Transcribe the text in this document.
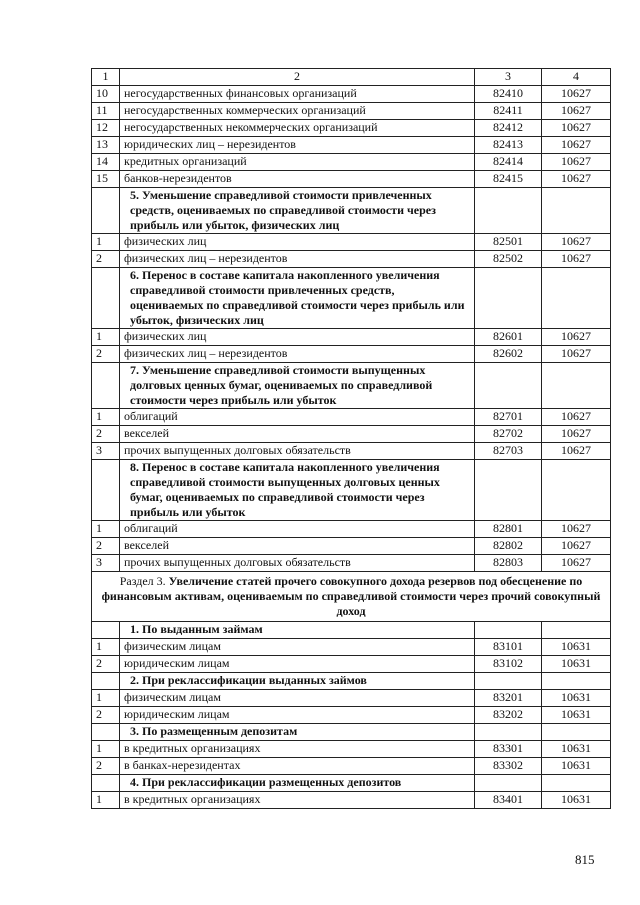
1	2	3	4
10	негосударственных финансовых организаций	82410	10627
11	негосударственных коммерческих организаций	82411	10627
12	негосударственных некоммерческих организаций	82412	10627
13	юридических лиц – нерезидентов	82413	10627
14	кредитных организаций	82414	10627
15	банков-нерезидентов	82415	10627
	5. Уменьшение справедливой стоимости привлеченных средств, оцениваемых по справедливой стоимости через прибыль или убыток, физических лиц		
1	физических лиц	82501	10627
2	физических лиц – нерезидентов	82502	10627
	6. Перенос в составе капитала накопленного увеличения справедливой стоимости привлеченных средств, оцениваемых по справедливой стоимости через прибыль или убыток, физических лиц		
1	физических лиц	82601	10627
2	физических лиц – нерезидентов	82602	10627
	7. Уменьшение справедливой стоимости выпущенных долговых ценных бумаг, оцениваемых по справедливой стоимости через прибыль или убыток		
1	облигаций	82701	10627
2	векселей	82702	10627
3	прочих выпущенных долговых обязательств	82703	10627
	8. Перенос в составе капитала накопленного увеличения справедливой стоимости выпущенных долговых ценных бумаг, оцениваемых по справедливой стоимости через прибыль или убыток		
1	облигаций	82801	10627
2	векселей	82802	10627
3	прочих выпущенных долговых обязательств	82803	10627
Раздел 3. Увеличение статей прочего совокупного дохода резервов под обесценение по финансовым активам, оцениваемым по справедливой стоимости через прочий совокупный доход			
	1. По выданным займам		
1	физическим лицам	83101	10631
2	юридическим лицам	83102	10631
	2. При реклассификации выданных займов		
1	физическим лицам	83201	10631
2	юридическим лицам	83202	10631
	3. По размещенным депозитам		
1	в кредитных организациях	83301	10631
2	в банках-нерезидентах	83302	10631
	4. При реклассификации размещенных депозитов		
1	в кредитных организациях	83401	10631
815
